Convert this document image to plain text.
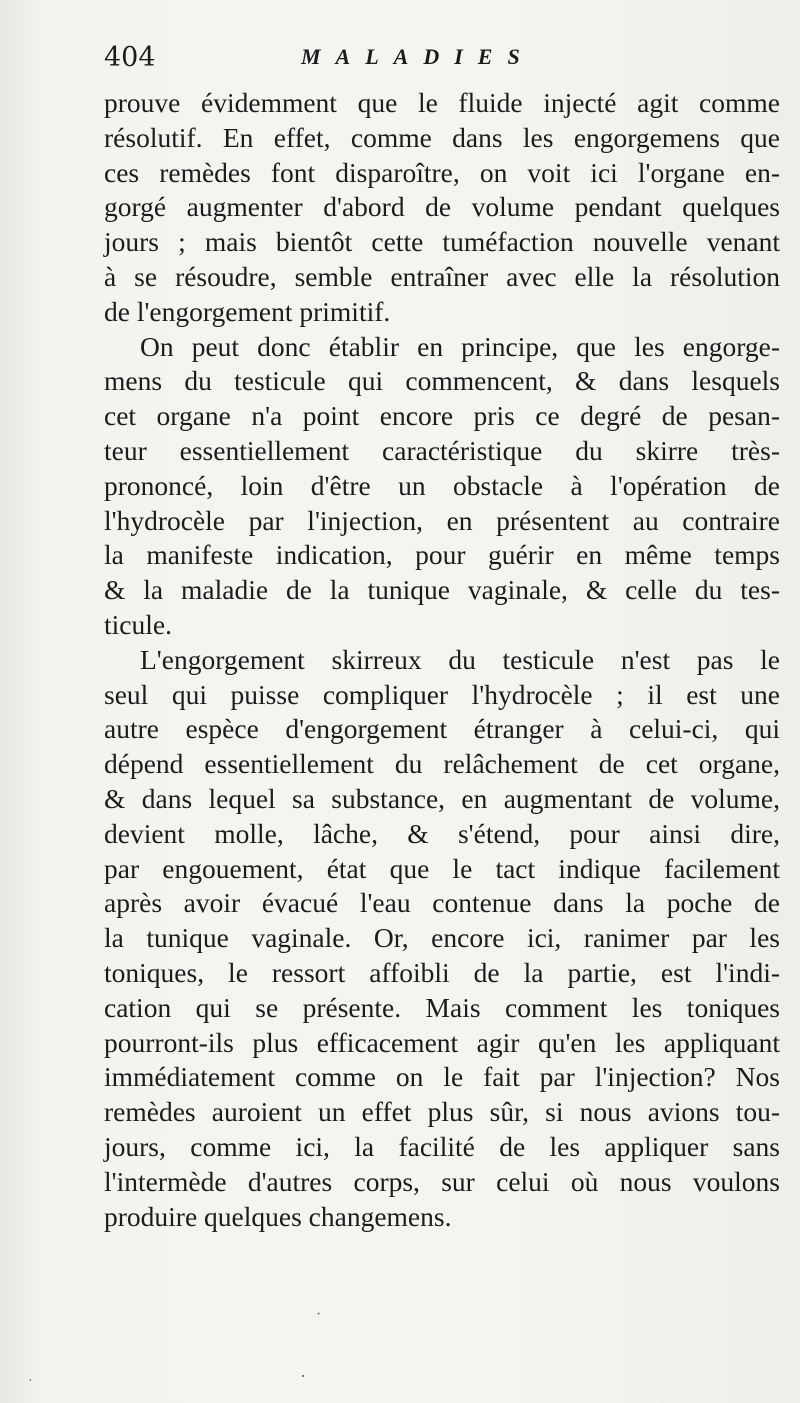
404	MALADIES
prouve évidemment que le fluide injecté agit comme
résolutif. En effet, comme dans les engorgemens que
ces remèdes font disparoître, on voit ici l'organe en-
gorgé augmenter d'abord de volume pendant quelques
jours ; mais bientôt cette tuméfaction nouvelle venant
à se résoudre, semble entraîner avec elle la résolution
de l'engorgement primitif.
On peut donc établir en principe, que les engorge-
mens du testicule qui commencent, & dans lesquels
cet organe n'a point encore pris ce degré de pesan-
teur essentiellement caractéristique du skirre très-
prononcé, loin d'être un obstacle à l'opération de
l'hydrocèle par l'injection, en présentent au contraire
la manifeste indication, pour guérir en même temps
& la maladie de la tunique vaginale, & celle du tes-
ticule.
L'engorgement skirreux du testicule n'est pas le
seul qui puisse compliquer l'hydrocèle ; il est une
autre espèce d'engorgement étranger à celui-ci, qui
dépend essentiellement du relâchement de cet organe,
& dans lequel sa substance, en augmentant de volume,
devient molle, lâche, & s'étend, pour ainsi dire,
par engouement, état que le tact indique facilement
après avoir évacué l'eau contenue dans la poche de
la tunique vaginale. Or, encore ici, ranimer par les
toniques, le ressort affoibli de la partie, est l'indi-
cation qui se présente. Mais comment les toniques
pourront-ils plus efficacement agir qu'en les appliquant
immédiatement comme on le fait par l'injection? Nos
remèdes auroient un effet plus sûr, si nous avions tou-
jours, comme ici, la facilité de les appliquer sans
l'intermède d'autres corps, sur celui où nous voulons
produire quelques changemens.
·
·
·
